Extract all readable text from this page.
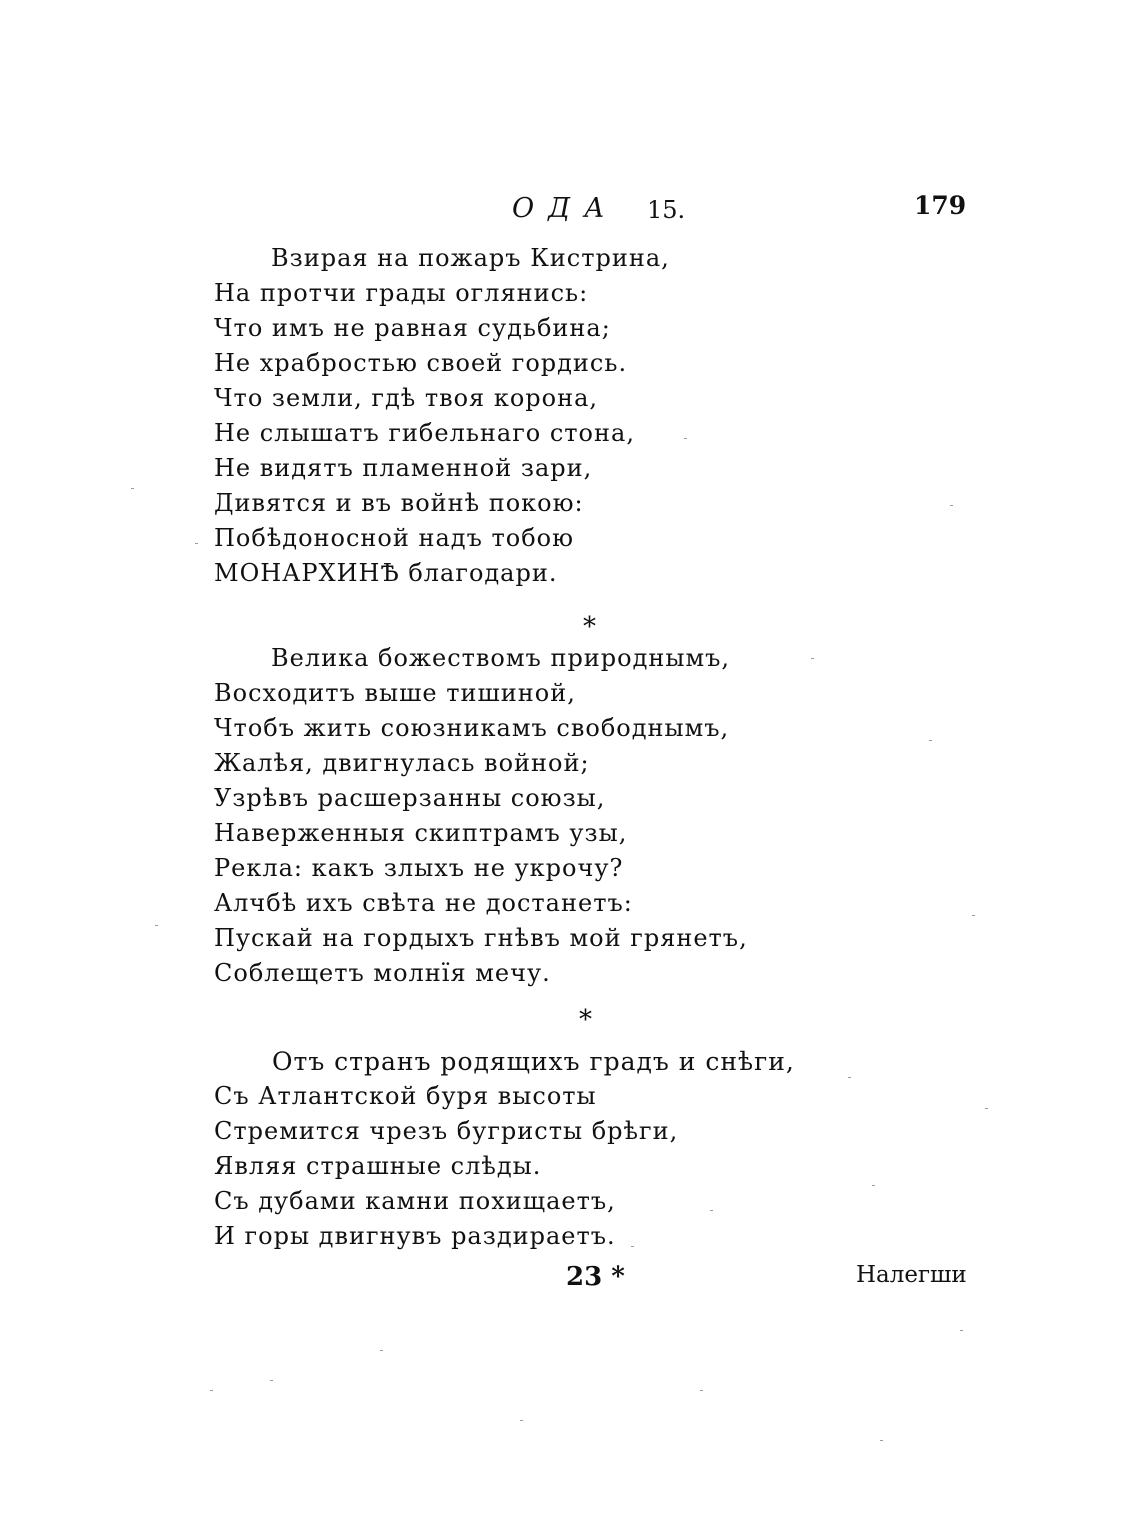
ОДА 15.	179
Взирая на пожаръ Кистрина,
На протчи грады оглянись:
Что имъ не равная судьбина;
Не храбростью своей гордись.
Что земли, гдѣ твоя корона,
Не слышатъ гибельнаго стона,
Не видятъ пламенной зари,
Дивятся и въ войнѣ покою:
Побѣдоносной надъ тобою
МОНАРХИНѢ благодари.
*
Велика божествомъ природнымъ,
Восходитъ выше тишиной,
Чтобъ жить союзникамъ свободнымъ,
Жалѣя, двигнулась войной;
Узрѣвъ расшерзанны союзы,
Наверженныя скиптрамъ узы,
Рекла: какъ злыхъ не укрочу?
Алчбѣ ихъ свѣта не достанетъ:
Пускай на гордыхъ гнѣвъ мой грянетъ,
Соблещетъ молнїя мечу.
*
Отъ странъ родящихъ градъ и снѣги,
Съ Атлантской буря высоты
Стремится чрезъ бугристы брѣги,
Являя страшные слѣды.
Съ дубами камни похищаетъ,
И горы двигнувъ раздираетъ.
23 *	Налегши
